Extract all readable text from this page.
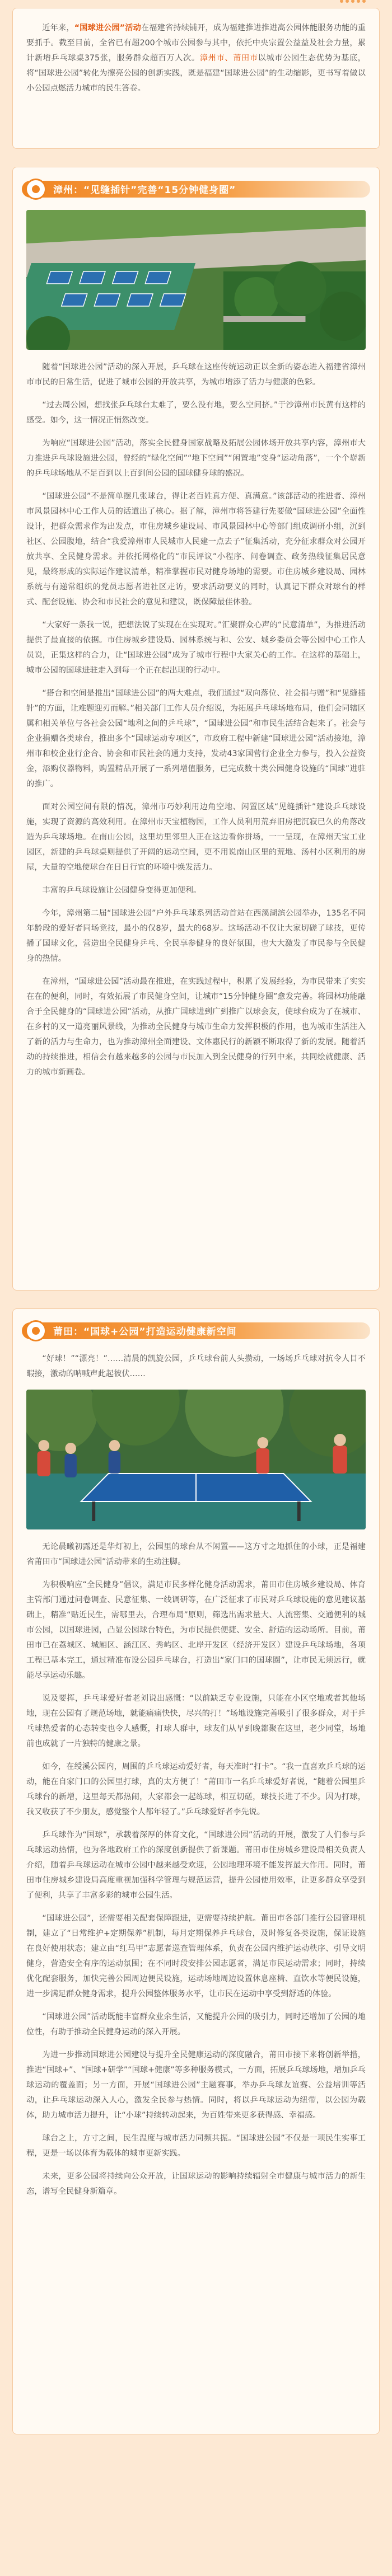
近年来，“国球进公园”活动在福建省持续铺开，成为福建推进推进高公园体能服务功能的重要抓手。截至目前，全省已有超200个城市公园参与其中，依托中央宗置公益益及社会力量，累计新增乒乓球桌375张，服务群众超百万人次。漳州市、莆田市以城市公园生态优势为基底，将“国球进公园”转化为擦亮公园的创新实践，既是福建“国球进公园”的生动缩影，更书写着做以小公园点燃活力城市的民生答卷。

漳州：“见缝插针”完善“15分钟健身圈”

随着“国球进公园”活动的深入开展，乒乓球在这座传统运动正以全新的姿态进入福建省漳州市市民的日常生活，促进了城市公园的开放共享，为城市增添了活力与健康的色彩。

“过去周公园，想找张乒乓球台太难了，要么没有地，要么空间挤。”于沙漳州市民黄有这样的感受。如今，这一情况正悄然改变。

为响应“国球进公园”活动，落实全民健身国家战略及拓展公园体场开放共享内容，漳州市大力推进乒乓球设施进公园，曾经的“绿化空间”“地下空间”“闲置地”变身“运动角落”，一个个崭新的乒乓球场地从不足百到以上百到间公园的国球健身球的盛况。

“国球进公园”不是简单摆几张球台，得让老百姓真方便、真满意。”该部活动的推进者、漳州市风景园林中心工作人员的话道出了核心。据了解，漳州市将答建行先要做“国球进公园”全面性设计，把群众需求作为出发点，市住房城乡建设局、市风景园林中心等部门组成调研小组，沉到社区、公园腹地，结合“我爱漳州市人民城市人民建一点去子”征集活动，充分征求群众对公园开放共享、全民健身需求。并依托网格化的“市民评议”小程序、问卷调查、政务热线征集居民意见，最终形成的实际运作建议清单，精准掌握市民对健身场地的需要。市住房城乡建设局、园林系统与有递常组织的党员志愿者进社区走访，要求活动要义的同时，认真记下群众对球台的样式、配套设施、协会和市民社会的意见和建议，既保障最佳体验。

“大家好一条我一说，把想法说了实现在在实现对。”汇聚群众心声的“民意清单”，为推进活动提供了最直接的依据。市住房城乡建设局、园林系统与和、公安、城乡委员会等公园中心工作人员说，正集这样的合力，让“国球进公园”成为了城市行程中大家关心的工作。在这样的基础上，城市公园的国球进驻走入到每一个正在起出现的行动中。

“搭台和空间是推出“国球进公园”的两大难点，我们通过“双向落位、社会捐与赠”和“见缝插针”的方面，让难题迎刃而解。”相关部门工作人员介绍说，为拓展乒乓球场地布局，他们会同辖区属和相关单位与各社会公园“地利之间的乒乓球”，“国球进公园”和市民生活结合起来了。社会与企业捐赠各类球台，推出多个“国球运动专项区”，市政府工程中新建“国球进公园”活动接地，漳州市和校企业行企合、协会和市民社会的通力支持，发动43家国营行企业全力参与，投入公益资金，添购仪器物料，购置精品开展了一系列增值服务，已完成数十类公园健身设施的“国球”进驻的推广。

面对公园空间有限的情况，漳州市巧妙利用边角空地、闲置区域“见缝插针”建设乒乓球设施，实现了资源的高效利用。在漳州市天宝植物园，工作人员利用荒弃旧房把沉寂已久的角落改造为乒乓球场地。在南山公园，这里坊里邻里人正在这边看你拼场，一一呈现，在漳州天宝工业园区，新建的乒乓球桌则提供了开阔的运动空间，更不用说南山区里的荒地、汤村小区利用的房屋，大量的空地使球台在日日行宜的环境中焕发活力。

丰富的乒乓球设施让公园健身变得更加便利。

今年，漳州第二届“国球进公园”户外乒乓球系列活动首站在西溪湖滨公园举办，135名不同年龄段的爱好者同场竞技，最小的仅8岁，最大的68岁。这场活动不仅让大家切磋了球技，更传播了国球文化，营造出全民健身乒乓、全民享参健身的良好氛围，也大大激发了市民参与全民健身的热情。

在漳州，“国球进公园”活动最在推进，在实践过程中，积累了发展经验，为市民带来了实实在在的便利，同时，有效拓展了市民健身空间，让城市“15分钟健身圈”愈发完善。将园林功能融合于全民健身的“国球进公园”活动，从推广国球进到广到推广以球会友，使球台成为了在城市、在乡村的又一道亮丽风景线，为推动全民健身与城市生命力发挥积极的作用，也为城市生活注入了新的活力与生命力，也为推动漳州全面建设、文体惠民行的新颖不断取得了新的发展。随着活动的持续推进，相信会有越来越多的公园与市民加入到全民健身的行列中来，共同绘就健康、活力的城市新画卷。

莆田：“国球+公园”打造运动健康新空间

“好球！”“漂亮！”……清晨的凯旋公园，乒乓球台前人头攒动，一场场乒乓球对抗令人目不暇接，激动的呐喊声此起彼伏……

无论晨曦初露还是华灯初上，公园里的球台从不闲置——这方寸之地抓住的小球，正是福建省莆田市“国球进公园”活动带来的生动注脚。

为积极响应“全民健身”倡议，满足市民多样化健身活动需求，莆田市住房城乡建设局、体育主管部门通过问卷调查、民意征集、一线调研等，在广泛征求了市民对乒乓球设施的意见建议基础上，精准“贴近民生，需哪里去，合理布局”原则，筛选出需求量大、人流密集、交通便利的城市公园，以国球进园，凸显公园球台特色，为市民提供便捷、安全、舒适的运动场所。目前，莆田市已在荔城区、城厢区、涵江区、秀屿区、北岸开发区（经济开发区）建设乒乓球场地，各项工程已基本完工，通过精准布设公园乒乓球台，打造出“家门口的国球圈”，让市民无须远行，就能尽享运动乐趣。

说及要挥，乒乓球爱好者老刘说出感慨：“以前缺乏专业设施，只能在小区空地或者其他场地，现在公园有了规范场地，就能痛痛快快，尽兴的打！”场地设施完善吸引了很多群众，对于乒乓球热爱者的心态转变也令人感慨，打球人群中，球友们从早到晚都聚在这里，老少同堂，场地前也成就了一片独特的健康之景。

如今，在绶溪公园内，周围的乒乓球运动爱好者，每天准时“打卡”。“我一直喜欢乒乓球的运动，能在自家门口的公园里打球，真的太方便了！”莆田市一名乒乓球爱好者说，“随着公园里乒乓球台的新增，这里每天都热闹，大家都会一起练球，相互切磋，球技长进了不少。因为打球，我又收获了不少朋友，感觉整个人都年轻了。”乒乓球爱好者李先说。

乒乓球作为“国球”，承载着深厚的体育文化，“国球进公园”活动的开展，激发了人们参与乒乓球运动热情，也为各地政府工作的深度创新提供了新课题。莆田市住房城乡建设局相关负责人介绍，随着乒乓球运动在城市公园中越来越受欢迎，公园地理环境不能发挥最大作用。同时，莆田市住房城乡建设局高度重视加强科学管理与规范运营，提升公园使用效率，让更多群众享受到了便利，共享了丰富多彩的城市公园生活。

“国球进公园”，还需要相关配套保障跟进，更需要持续护航。莆田市各部门推行公园管理机制，建立了“日常维护+定期保养”机制，每月定期保养乒乓球台，及时修复各类设施，保证设施在良好使用状态；建立由“红马甲”志愿者巡查管理体系，负责在公园内维护运动秩序、引导文明健身，营造安全有序的运动氛围；在不同时段安排公园志愿者，满足市民运动需求；同时，持续优化配套服务，加快完善公园周边便民设施，运动场地周边设置休息座椅、直饮水等便民设施，进一步满足群众健身需求，提升公园整体服务水平，让市民在运动中享受到舒适的体验。

“国球进公园”活动既能丰富群众业余生活，又能提升公园的吸引力，同时还增加了公园的地位性，有助于推动全民健身运动的深入开展。

为进一步推动国球进公园建设与提升全民健康运动的深度融合，莆田市接下来将创新举措，推进“国球+”、“国球+研学”“国球+健康”等多种服务模式，一方面，拓展乒乓球场地，增加乒乓球运动的覆盖面；另一方面，开展“国球进公园”主题赛事，举办乒乓球友谊赛、公益培训等活动，让乒乓球运动深入人心，激发全民参与热情。同时，将以乒乓球运动为纽带，以公园为载体，助力城市活力提升，让“小球”持续转动起来，为百姓带来更多获得感、幸福感。

球台之上，方寸之间，民生温度与城市活力同频共振。“国球进公园”不仅是一项民生实事工程，更是一场以体育为载体的城市更新实践。

未来，更多公园将持续向公众开放，让国球运动的影响持续辐射全市健康与城市活力的新生态，谱写全民健身新篇章。
